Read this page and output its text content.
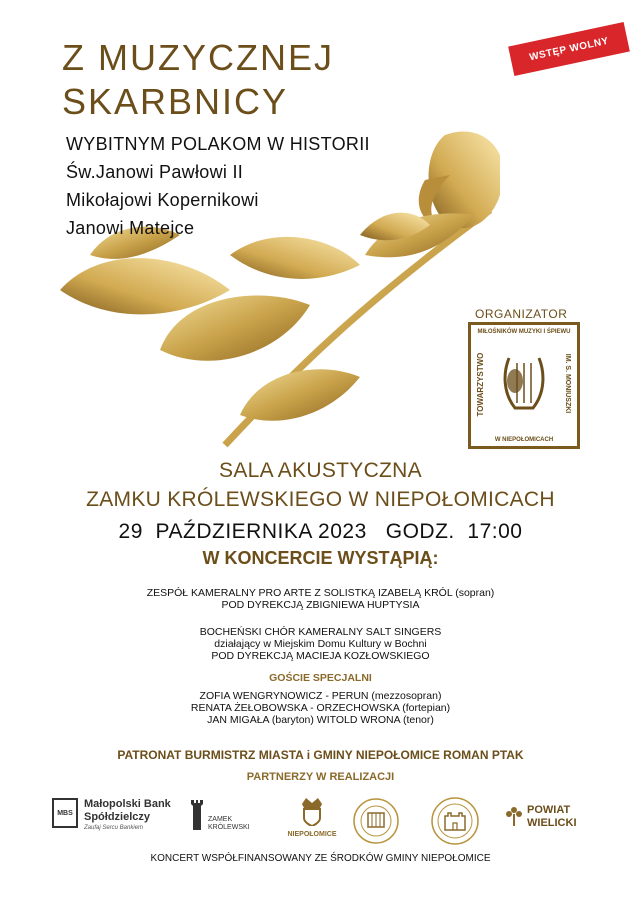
Z MUZYCZNEJ
SKARBNICY
WSTĘP WOLNY
WYBITNYM POLAKOM W HISTORII
Św.Janowi Pawłowi II
Mikołajowi Kopernikowi
Janowi Matejce
ORGANIZATOR
MIŁOŚNIKÓW MUZYKI I ŚPIEWU
TOWARZYSTWO	IM. S. MONIUSZKI
W NIEPOŁOMICACH
SALA AKUSTYCZNA
ZAMKU KRÓLEWSKIEGO W NIEPOŁOMICACH
29  PAŹDZIERNIKA 2023   GODZ.  17:00
W KONCERCIE WYSTĄPIĄ:
ZESPÓŁ KAMERALNY PRO ARTE Z SOLISTKĄ IZABELĄ KRÓL (sopran)
POD DYREKCJĄ ZBIGNIEWA HUPTYSIA
BOCHEŃSKI CHÓR KAMERALNY SALT SINGERS
działający w Miejskim Domu Kultury w Bochni
POD DYREKCJĄ MACIEJA KOZŁOWSKIEGO
GOŚCIE SPECJALNI
ZOFIA WENGRYNOWICZ - PERUN (mezzosopran)
RENATA ŻEŁOBOWSKA - ORZECHOWSKA (fortepian)
JAN MIGAŁA (baryton) WITOLD WRONA (tenor)
PATRONAT BURMISTRZ MIASTA i GMINY NIEPOŁOMICE ROMAN PTAK
PARTNERZY W REALIZACJI
MBS
Małopolski Bank
Spółdzielczy
Zaufaj Sercu Bankiem
ZAMEK
KRÓLEWSKI
NIEPOŁOMICE
POWIAT
WIELICKI
KONCERT WSPÓŁFINANSOWANY ZE ŚRODKÓW GMINY NIEPOŁOMICE
